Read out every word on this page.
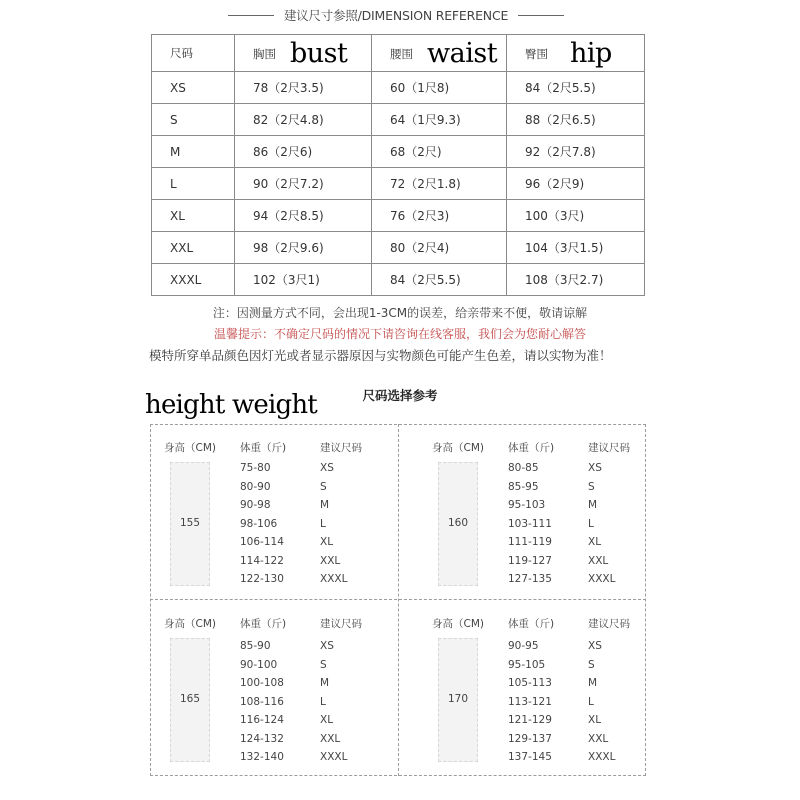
建议尺寸参照/DIMENSION REFERENCE
尺码	胸围 bust	腰围 waist	臀围 hip
XS	78（2尺3.5)	60（1尺8)	84（2尺5.5)
S	82（2尺4.8)	64（1尺9.3)	88（2尺6.5)
M	86（2尺6)	68（2尺)	92（2尺7.8)
L	90（2尺7.2)	72（2尺1.8)	96（2尺9)
XL	94（2尺8.5)	76（2尺3)	100（3尺)
XXL	98（2尺9.6)	80（2尺4)	104（3尺1.5)
XXXL	102（3尺1)	84（2尺5.5)	108（3尺2.7)
注：因测量方式不同，会出现1-3CM的误差，给亲带来不便，敬请谅解
温馨提示：不确定尺码的情况下请咨询在线客服，我们会为您耐心解答
模特所穿单品颜色因灯光或者显示器原因与实物颜色可能产生色差，请以实物为准！
height weight	尺码选择参考
身高（CM) 体重（斤)	建议尺码
155
75-80	XS
80-90	S
90-98	M
98-106	L
106-114	XL
114-122	XXL
122-130	XXXL
身高（CM) 体重（斤)	建议尺码
160
80-85	XS
85-95	S
95-103	M
103-111	L
111-119	XL
119-127	XXL
127-135	XXXL
身高（CM) 体重（斤)	建议尺码
165
85-90	XS
90-100	S
100-108	M
108-116	L
116-124	XL
124-132	XXL
132-140	XXXL
身高（CM) 体重（斤)	建议尺码
170
90-95	XS
95-105	S
105-113	M
113-121	L
121-129	XL
129-137	XXL
137-145	XXXL
